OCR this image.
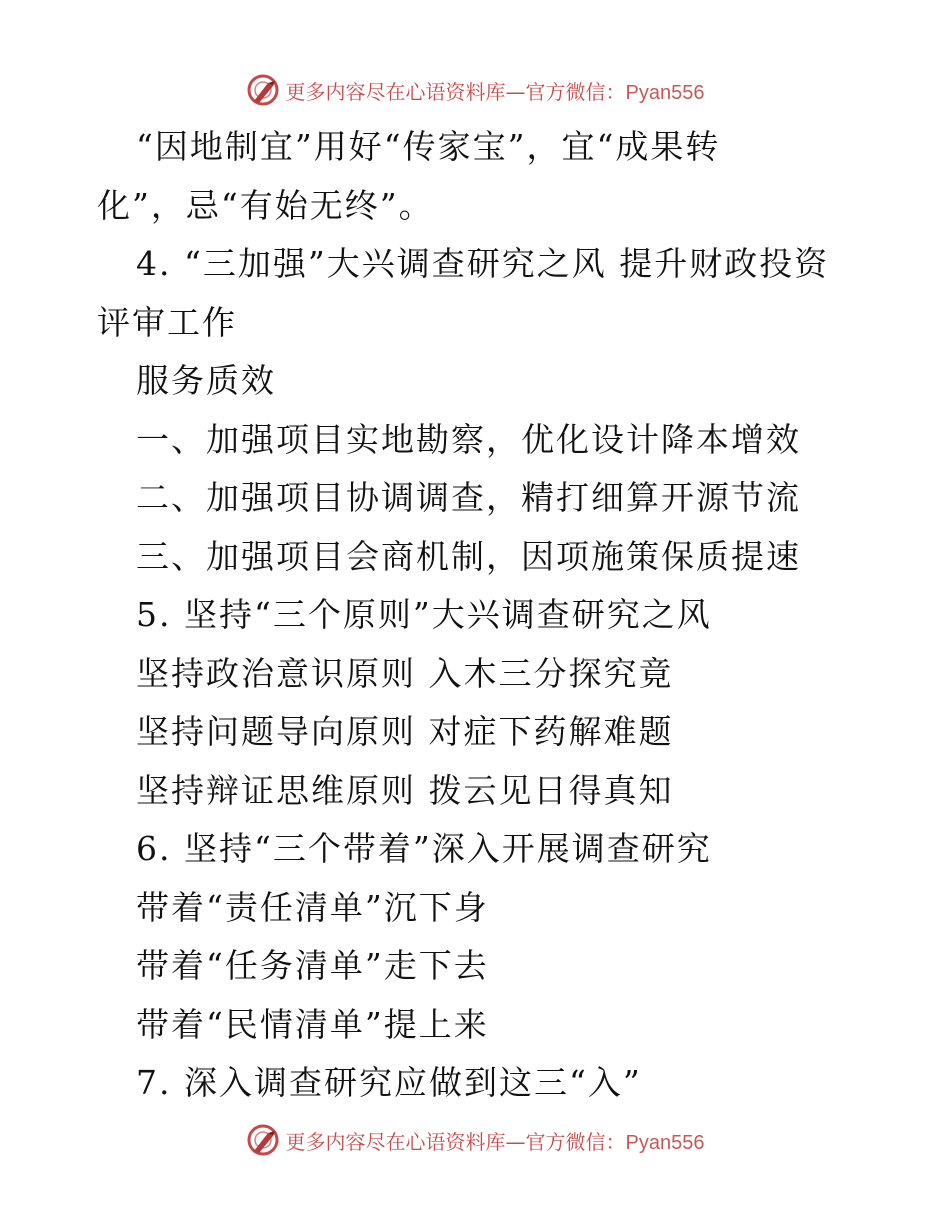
更多内容尽在心语资料库—官方微信：Pyan556
“因地制宜”用好“传家宝”，宜“成果转
化”，忌“有始无终”。
4. “三加强”大兴调查研究之风 提升财政投资
评审工作
服务质效
一、加强项目实地勘察，优化设计降本增效
二、加强项目协调调查，精打细算开源节流
三、加强项目会商机制，因项施策保质提速
5. 坚持“三个原则”大兴调查研究之风
坚持政治意识原则 入木三分探究竟
坚持问题导向原则 对症下药解难题
坚持辩证思维原则 拨云见日得真知
6. 坚持“三个带着”深入开展调查研究
带着“责任清单”沉下身
带着“任务清单”走下去
带着“民情清单”提上来
7. 深入调查研究应做到这三“入”
更多内容尽在心语资料库—官方微信：Pyan556
